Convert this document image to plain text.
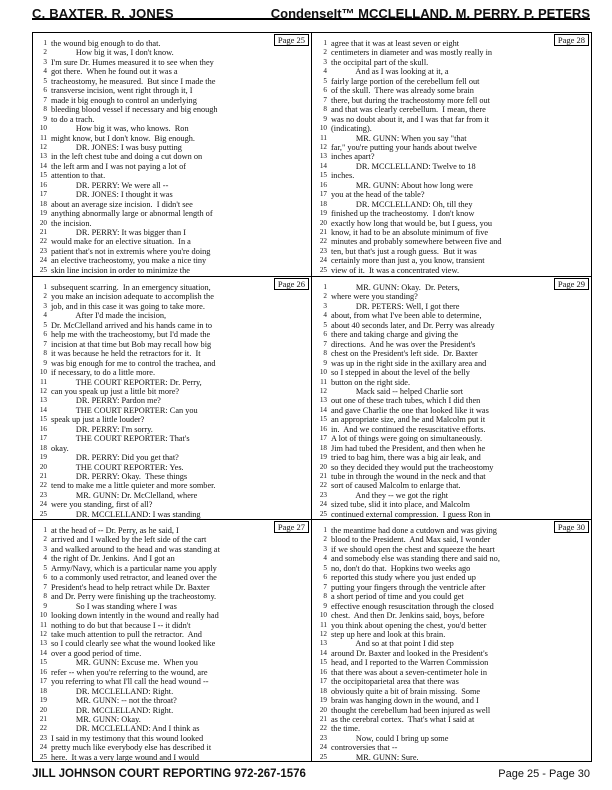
C. BAXTER, R. JONES	CondenseIt™ MCCLELLAND, M. PERRY, P. PETERS
Page 25
1 the wound big enough to do that.
2 How big it was, I don't know.
3 I'm sure Dr. Humes measured it to see when they
4 got there.  When he found out it was a
5 tracheostomy, he measured.  But since I made the
6 transverse incision, went right through it, I
7 made it big enough to control an underlying
8 bleeding blood vessel if necessary and big enough
9 to do a trach.
10 How big it was, who knows.  Ron
11 might know, but I don't know.  Big enough.
12 DR. JONES: I was busy putting
13 in the left chest tube and doing a cut down on
14 the left arm and I was not paying a lot of
15 attention to that.
16 DR. PERRY: We were all --
17 DR. JONES: I thought it was
18 about an average size incision.  I didn't see
19 anything abnormally large or abnormal length of
20 the incision.
21 DR. PERRY: It was bigger than I
22 would make for an elective situation.  In a
23 patient that's not in extremis where you're doing
24 an elective tracheostomy, you make a nice tiny
25 skin line incision in order to minimize the
Page 28
1 agree that it was at least seven or eight
2 centimeters in diameter and was mostly really in
3 the occipital part of the skull.
4 And as I was looking at it, a
5 fairly large portion of the cerebellum fell out
6 of the skull.  There was already some brain
7 there, but during the tracheostomy more fell out
8 and that was clearly cerebellum.  I mean, there
9 was no doubt about it, and I was that far from it
10 (indicating).
11 MR. GUNN: When you say "that
12 far," you're putting your hands about twelve
13 inches apart?
14 DR. MCCLELLAND: Twelve to 18
15 inches.
16 MR. GUNN: About how long were
17 you at the head of the table?
18 DR. MCCLELLAND: Oh, till they
19 finished up the tracheostomy.  I don't know
20 exactly how long that would be, but I guess, you
21 know, it had to be an absolute minimum of five
22 minutes and probably somewhere between five and
23 ten, but that's just a rough guess.  But it was
24 certainly more than just a, you know, transient
25 view of it.  It was a concentrated view.
Page 26
1 subsequent scarring.  In an emergency situation,
2 you make an incision adequate to accomplish the
3 job, and in this case it was going to take more.
4 After I'd made the incision,
5 Dr. McClelland arrived and his hands came in to
6 help me with the tracheostomy, but I'd made the
7 incision at that time but Bob may recall how big
8 it was because he held the retractors for it.  It
9 was big enough for me to control the trachea, and
10 if necessary, to do a little more.
11 THE COURT REPORTER: Dr. Perry,
12 can you speak up just a little bit more?
13 DR. PERRY: Pardon me?
14 THE COURT REPORTER: Can you
15 speak up just a little louder?
16 DR. PERRY: I'm sorry.
17 THE COURT REPORTER: That's
18 okay.
19 DR. PERRY: Did you get that?
20 THE COURT REPORTER: Yes.
21 DR. PERRY: Okay.  These things
22 tend to make me a little quieter and more somber.
23 MR. GUNN: Dr. McClelland, where
24 were you standing, first of all?
25 DR. MCCLELLAND: I was standing
Page 29
1 MR. GUNN: Okay.  Dr. Peters,
2 where were you standing?
3 DR. PETERS: Well, I got there
4 about, from what I've been able to determine,
5 about 40 seconds later, and Dr. Perry was already
6 there and taking charge and giving the
7 directions.  And he was over the President's
8 chest on the President's left side.  Dr. Baxter
9 was up in the right side in the axillary area and
10 so I stepped in about the level of the belly
11 button on the right side.
12 Mack said -- helped Charlie sort
13 out one of these trach tubes, which I did then
14 and gave Charlie the one that looked like it was
15 an appropriate size, and he and Malcolm put it
16 in.  And we continued the resuscitative efforts.
17 A lot of things were going on simultaneously.
18 Jim had tubed the President, and then when he
19 tried to bag him, there was a big air leak, and
20 so they decided they would put the tracheostomy
21 tube in through the wound in the neck and that
22 sort of caused Malcolm to enlarge that.
23 And they -- we got the right
24 sized tube, slid it into place, and Malcolm
25 continued external compression.  I guess Ron in
Page 27
1 at the head of -- Dr. Perry, as he said, I
2 arrived and I walked by the left side of the cart
3 and walked around to the head and was standing at
4 the right of Dr. Jenkins.  And I got an
5 Army/Navy, which is a particular name you apply
6 to a commonly used retractor, and leaned over the
7 President's head to help retract while Dr. Baxter
8 and Dr. Perry were finishing up the tracheostomy.
9 So I was standing where I was
10 looking down intently in the wound and really had
11 nothing to do but that because I -- it didn't
12 take much attention to pull the retractor.  And
13 so I could clearly see what the wound looked like
14 over a good period of time.
15 MR. GUNN: Excuse me.  When you
16 refer -- when you're referring to the wound, are
17 you referring to what I'll call the head wound --
18 DR. MCCLELLAND: Right.
19 MR. GUNN: -- not the throat?
20 DR. MCCLELLAND: Right.
21 MR. GUNN: Okay.
22 DR. MCCLELLAND: And I think as
23 I said in my testimony that this wound looked
24 pretty much like everybody else has described it
25 here.  It was a very large wound and I would
Page 30
1 the meantime had done a cutdown and was giving
2 blood to the President.  And Max said, I wonder
3 if we should open the chest and squeeze the heart
4 and somebody else was standing there and said no,
5 no, don't do that.  Hopkins two weeks ago
6 reported this study where you just ended up
7 putting your fingers through the ventricle after
8 a short period of time and you could get
9 effective enough resuscitation through the closed
10 chest.  And then Dr. Jenkins said, boys, before
11 you think about opening the chest, you'd better
12 step up here and look at this brain.
13 And so at that point I did step
14 around Dr. Baxter and looked in the President's
15 head, and I reported to the Warren Commission
16 that there was about a seven-centimeter hole in
17 the occipitoparietal area that there was
18 obviously quite a bit of brain missing.  Some
19 brain was hanging down in the wound, and I
20 thought the cerebellum had been injured as well
21 as the cerebral cortex.  That's what I said at
22 the time.
23 Now, could I bring up some
24 controversies that --
25 MR. GUNN: Sure.
JILL JOHNSON COURT REPORTING 972-267-1576	Page 25 - Page 30
